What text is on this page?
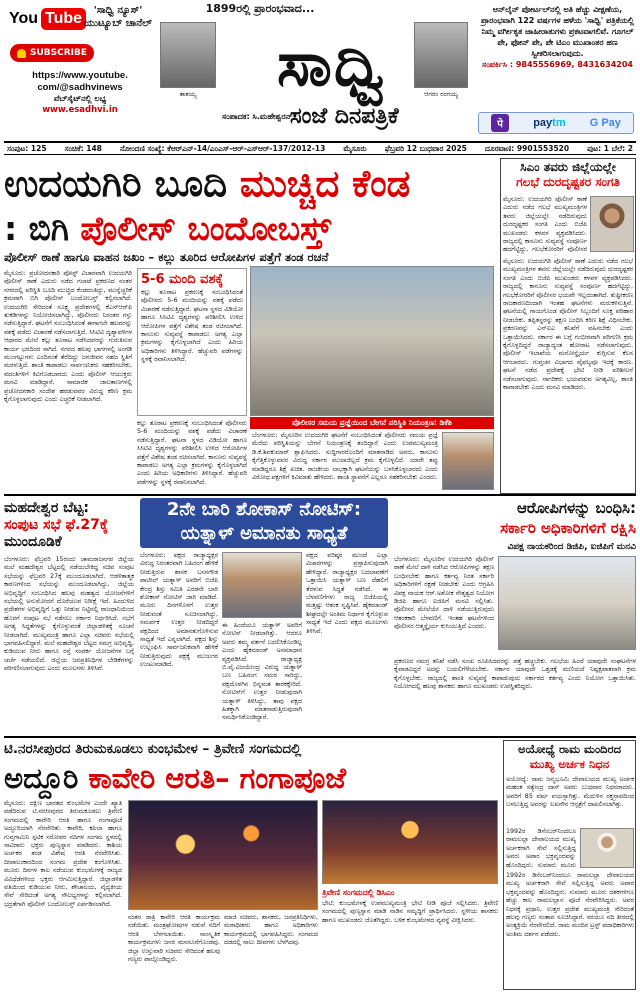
You Tube	'ಸಾಧ್ವಿ ನ್ಯೂಸ್' ಯುಟ್ಯೂಬ್ ಚಾನೆಲ್
SUBSCRIBE
https://www.youtube.
com/@sadhvinews
ವೆಬ್‌ಸೈಟ್‌ನಲ್ಲಿ ಲಭ್ಯ
www.esadhvi.in
1899ರಲ್ಲಿ ಪ್ರಾರಂಭವಾದ...
ತಾತಯ್ಯ	ಆಗರಂ ರಂಗಯ್ಯ
ಸಾಧ್ವಿ
ಸಂಪಾದಕ: ಸಿ.ಮಹೇಶ್ವರನ್
ಸಂಜೆ ದಿನಪತ್ರಿಕೆ
ಆನ್‌ಲೈನ್ ಪೋರ್ಟಲ್‌ನಲ್ಲಿ ಅತಿ ಹೆಚ್ಚು ವೀಕ್ಷಣೆಯ, ಪ್ರಾರಂಭವಾಗಿ 122 ವರ್ಷಗಳ ಹಳೆಯ 'ಸಾಧ್ವಿ' ಪತ್ರಿಕೆಯಲ್ಲಿ ನಿಮ್ಮ ವರ್ಗೀಕೃತ ಜಾಹೀರಾತುಗಳು ಪ್ರಕಟವಾಗಲಿವೆ. ಗೂಗಲ್ ಪೇ, ಫೋನ್ ಪೇ, ಪೇ ಟಿಎಂ ಮುಖಾಂತರ ಹಣ ಸ್ವೀಕರಿಸಲಾಗುವುದು.
ಸಂಪರ್ಕಿಸಿ : 9845556969, 8431634204
पे	paytm G Pay
ಸಂಪುಟ: 125 ಸಂಚಿಕೆ: 148 ನೋಂದಣಿ ಸಂಖ್ಯೆ: ಕೆಆರ್‌ಎನ್-14/ಎಂಎಸ್-ಆರ್-ಎಸ್‌ಆರ್-137/2012-13 ಮೈಸೂರು ಫೆಬ್ರವರಿ 12 ಬುಧವಾರ 2025 ದೂರವಾಣಿ: 9901553520 ಪುಟ: 1 ಬೆಲೆ: 2
ಉದಯಗಿರಿ ಬೂದಿ ಮುಚ್ಚಿದ ಕೆಂಡ
: ಬಿಗಿ ಪೊಲೀಸ್ ಬಂದೋಬಸ್ತ್
ಪೊಲೀಸ್ ಠಾಣೆ ಹಾಗೂ ವಾಹನ ಜಖಂ – ಕಲ್ಲು ತೂರಿದ ಆರೋಪಿಗಳ ಪತ್ತೆಗೆ ತಂಡ ರಚನೆ
ಮೈಸೂರು: ಪ್ರಚೋದನಕಾರಿ ಪೋಸ್ಟ್ ವಿಚಾರವಾಗಿ ಉದಯಗಿರಿ ಪೊಲೀಸ್ ಠಾಣೆ ಎದುರು ನಡೆದ ಗಲಾಟೆ ಪ್ರಕರಣದ ನಂತರ ನಗರದಲ್ಲಿ ಪರಿಸ್ಥಿತಿ ಬೂದಿ ಮುಚ್ಚಿದ ಕೆಂಡದಂತಿದ್ದು, ಮುನ್ನೆಚ್ಚರಿಕೆ ಕ್ರಮವಾಗಿ ಬಿಗಿ ಪೊಲೀಸ್ ಬಂದೋಬಸ್ತ್ ಕಲ್ಪಿಸಲಾಗಿದೆ. ಉದಯಗಿರಿ ಸೇರಿದಂತೆ ಸೂಕ್ಷ್ಮ ಪ್ರದೇಶಗಳಲ್ಲಿ ಕೆಎಸ್‌ಆರ್‌ಪಿ ತುಕಡಿಗಳನ್ನು ನಿಯೋಜಿಸಲಾಗಿದ್ದು, ಪೊಲೀಸರು ನಿರಂತರ ಗಸ್ತು ನಡೆಸುತ್ತಿದ್ದಾರೆ. ಘಟನೆಗೆ ಸಂಬಂಧಿಸಿದಂತೆ ಈಗಾಗಲೇ ಹಲವರನ್ನು ವಶಕ್ಕೆ ಪಡೆದು ವಿಚಾರಣೆ ನಡೆಸಲಾಗುತ್ತಿದೆ. ಸಿಸಿಟಿವಿ ದೃಶ್ಯಾವಳಿಗಳ ಆಧಾರದ ಮೇಲೆ ಕಲ್ಲು ತೂರಾಟ ನಡೆಸಿದವರನ್ನು ಗುರುತಿಸುವ ಕಾರ್ಯ ಭರದಿಂದ ಸಾಗಿದೆ. ನಗರದ ಹಲವು ಭಾಗಗಳಲ್ಲಿ ಅಂಗಡಿ ಮುಂಗಟ್ಟುಗಳು ಎಂದಿನಂತೆ ತೆರೆದಿದ್ದು ಜನಜೀವನ ಸಹಜ ಸ್ಥಿತಿಗೆ ಮರಳುತ್ತಿದೆ. ಶಾಂತಿ ಕಾಪಾಡಲು ಸಾರ್ವಜನಿಕರು ಸಹಕರಿಸಬೇಕು, ವದಂತಿಗಳಿಗೆ ಕಿವಿಗೊಡಬಾರದು ಎಂದು ಪೊಲೀಸ್ ಆಯುಕ್ತರು ಮನವಿ ಮಾಡಿದ್ದಾರೆ. ಸಾಮಾಜಿಕ ಜಾಲತಾಣಗಳಲ್ಲಿ ಪ್ರಚೋದನಕಾರಿ ಸಂದೇಶ ಹರಡುವವರ ವಿರುದ್ಧ ಕಠಿಣ ಕ್ರಮ ಕೈಗೊಳ್ಳಲಾಗುವುದು ಎಂದು ಎಚ್ಚರಿಕೆ ನೀಡಲಾಗಿದೆ.
5-6 ಮಂದಿ ವಶಕ್ಕೆ
ಕಲ್ಲು ತೂರಾಟ ಪ್ರಕರಣಕ್ಕೆ ಸಂಬಂಧಿಸಿದಂತೆ ಪೊಲೀಸರು 5-6 ಮಂದಿಯನ್ನು ವಶಕ್ಕೆ ಪಡೆದು ವಿಚಾರಣೆ ನಡೆಸುತ್ತಿದ್ದಾರೆ. ಘಟನಾ ಸ್ಥಳದ ವಿಡಿಯೋ ಹಾಗೂ ಸಿಸಿಟಿವಿ ದೃಶ್ಯಗಳನ್ನು ಪರಿಶೀಲಿಸಿ ಉಳಿದ ಆರೋಪಿಗಳ ಪತ್ತೆಗೆ ವಿಶೇಷ ತಂಡ ರಚಿಸಲಾಗಿದೆ. ಕಾನೂನು ಸುವ್ಯವಸ್ಥೆ ಕಾಪಾಡಲು ಅಗತ್ಯ ಎಲ್ಲಾ ಕ್ರಮಗಳನ್ನು ಕೈಗೊಳ್ಳಲಾಗಿದೆ ಎಂದು ಹಿರಿಯ ಅಧಿಕಾರಿಗಳು ತಿಳಿಸಿದ್ದಾರೆ. ಹೆಚ್ಚುವರಿ ಪಡೆಗಳನ್ನು ಸ್ಥಳಕ್ಕೆ ರವಾನಿಸಲಾಗಿದೆ.
ಪೊಲೀಸರ ಸಮಯ ಪ್ರಜ್ಞೆಯಿಂದ ಬೇಗನೆ ಪರಿಸ್ಥಿತಿ ನಿಯಂತ್ರಣ: ಡಿಕೆಶಿ
ಕಲ್ಲು ತೂರಾಟ ಪ್ರಕರಣಕ್ಕೆ ಸಂಬಂಧಿಸಿದಂತೆ ಪೊಲೀಸರು 5-6 ಮಂದಿಯನ್ನು ವಶಕ್ಕೆ ಪಡೆದು ವಿಚಾರಣೆ ನಡೆಸುತ್ತಿದ್ದಾರೆ. ಘಟನಾ ಸ್ಥಳದ ವಿಡಿಯೋ ಹಾಗೂ ಸಿಸಿಟಿವಿ ದೃಶ್ಯಗಳನ್ನು ಪರಿಶೀಲಿಸಿ ಉಳಿದ ಆರೋಪಿಗಳ ಪತ್ತೆಗೆ ವಿಶೇಷ ತಂಡ ರಚಿಸಲಾಗಿದೆ. ಕಾನೂನು ಸುವ್ಯವಸ್ಥೆ ಕಾಪಾಡಲು ಅಗತ್ಯ ಎಲ್ಲಾ ಕ್ರಮಗಳನ್ನು ಕೈಗೊಳ್ಳಲಾಗಿದೆ ಎಂದು ಹಿರಿಯ ಅಧಿಕಾರಿಗಳು ತಿಳಿಸಿದ್ದಾರೆ. ಹೆಚ್ಚುವರಿ ಪಡೆಗಳನ್ನು ಸ್ಥಳಕ್ಕೆ ರವಾನಿಸಲಾಗಿದೆ.
ಬೆಂಗಳೂರು: ಮೈಸೂರಿನ ಉದಯಗಿರಿ ಘಟನೆಗೆ ಸಂಬಂಧಿಸಿದಂತೆ ಪೊಲೀಸರು ಸಮಯ ಪ್ರಜ್ಞೆ ಮೆರೆದು ಪರಿಸ್ಥಿತಿಯನ್ನು ಬೇಗನೆ ನಿಯಂತ್ರಣಕ್ಕೆ ತಂದಿದ್ದಾರೆ ಎಂದು ಉಪಮುಖ್ಯಮಂತ್ರಿ ಡಿ.ಕೆ.ಶಿವಕುಮಾರ್ ಶ್ಲಾಘಿಸಿದರು. ಸುದ್ದಿಗಾರರೊಂದಿಗೆ ಮಾತನಾಡಿದ ಅವರು, ಕಾನೂನು ಕೈಗೆತ್ತಿಕೊಳ್ಳುವವರ ವಿರುದ್ಧ ಸರ್ಕಾರ ಮುಲಾಜಿಲ್ಲದೆ ಕ್ರಮ ಕೈಗೊಳ್ಳಲಿದೆ. ಯಾರೇ ತಪ್ಪು ಮಾಡಿದ್ದರೂ ಶಿಕ್ಷೆ ಖಚಿತ. ರಾಜಕೀಯ ಲಾಭಕ್ಕಾಗಿ ಘಟನೆಯನ್ನು ಬಳಸಿಕೊಳ್ಳಬಾರದು ಎಂದು ವಿರೋಧ ಪಕ್ಷಗಳಿಗೆ ಕಿವಿಮಾತು ಹೇಳಿದರು. ಶಾಂತಿ ಸ್ಥಾಪನೆಗೆ ಎಲ್ಲರೂ ಸಹಕರಿಸಬೇಕು ಎಂದರು.
ಸಿಎಂ ತವರು ಜಿಲ್ಲೆಯಲ್ಲೇ
ಗಲಭೆ ದುರದೃಷ್ಟಕರ ಸಂಗತಿ
ಮೈಸೂರು: ಉದಯಗಿರಿ ಪೊಲೀಸ್ ಠಾಣೆ ಎದುರು ನಡೆದ ಗಲಭೆ ಮುಖ್ಯಮಂತ್ರಿಗಳ ತವರು ಜಿಲ್ಲೆಯಲ್ಲೇ ನಡೆದಿರುವುದು ದುರದೃಷ್ಟಕರ ಸಂಗತಿ ಎಂದು ಬಿಜೆಪಿ ಮುಖಂಡರು ಕಳವಳ ವ್ಯಕ್ತಪಡಿಸಿದರು. ರಾಜ್ಯದಲ್ಲಿ ಕಾನೂನು ಸುವ್ಯವಸ್ಥೆ ಸಂಪೂರ್ಣ ಹದಗೆಟ್ಟಿದ್ದು, ಗಲಭೆಕೋರರಿಗೆ ಪೊಲೀಸರ
ಮೈಸೂರು: ಉದಯಗಿರಿ ಪೊಲೀಸ್ ಠಾಣೆ ಎದುರು ನಡೆದ ಗಲಭೆ ಮುಖ್ಯಮಂತ್ರಿಗಳ ತವರು ಜಿಲ್ಲೆಯಲ್ಲೇ ನಡೆದಿರುವುದು ದುರದೃಷ್ಟಕರ ಸಂಗತಿ ಎಂದು ಬಿಜೆಪಿ ಮುಖಂಡರು ಕಳವಳ ವ್ಯಕ್ತಪಡಿಸಿದರು. ರಾಜ್ಯದಲ್ಲಿ ಕಾನೂನು ಸುವ್ಯವಸ್ಥೆ ಸಂಪೂರ್ಣ ಹದಗೆಟ್ಟಿದ್ದು, ಗಲಭೆಕೋರರಿಗೆ ಪೊಲೀಸರ ಭಯವೇ ಇಲ್ಲದಂತಾಗಿದೆ. ತುಷ್ಟೀಕರಣ ರಾಜಕಾರಣದಿಂದಾಗಿ ಇಂತಹ ಘಟನೆಗಳು ಮರುಕಳಿಸುತ್ತಿವೆ. ಘಟನೆಯಲ್ಲಿ ಗಾಯಗೊಂಡ ಪೊಲೀಸ್ ಸಿಬ್ಬಂದಿಗೆ ಸೂಕ್ತ ಪರಿಹಾರ ನೀಡಬೇಕು. ತಪ್ಪಿತಸ್ಥರನ್ನು ತಕ್ಷಣ ಬಂಧಿಸಿ ಕಠಿಣ ಶಿಕ್ಷೆ ವಿಧಿಸಬೇಕು. ಪ್ರಕರಣವನ್ನು ಎನ್‌ಐಎ ತನಿಖೆಗೆ ವಹಿಸಬೇಕು ಎಂದು ಒತ್ತಾಯಿಸಿದರು. ಸರ್ಕಾರ ಈ ಬಗ್ಗೆ ಗಂಭೀರವಾಗಿ ಪರಿಗಣಿಸಿ ಕ್ರಮ ಕೈಗೊಳ್ಳದಿದ್ದರೆ ರಾಜ್ಯಾದ್ಯಂತ ಹೋರಾಟ ನಡೆಸಲಾಗುವುದು. ಪೊಲೀಸ್ ಇಲಾಖೆಯ ಮನೋಸ್ಥೈರ್ಯ ಕುಗ್ಗಿಸುವ ಕೆಲಸ ಆಗಬಾರದು. ಗುಪ್ತಚರ ವಿಭಾಗದ ವೈಫಲ್ಯವೂ ಇದಕ್ಕೆ ಕಾರಣ. ಘಟನೆ ನಡೆದ ಪ್ರದೇಶಕ್ಕೆ ಭೇಟಿ ನೀಡಿ ಪರಿಶೀಲನೆ ನಡೆಸಲಾಗುವುದು. ನಾಗರಿಕರು ಭಯಪಡುವ ಅಗತ್ಯವಿಲ್ಲ, ಶಾಂತಿ ಕಾಪಾಡಬೇಕು ಎಂದು ಮನವಿ ಮಾಡಿದರು.
ಮಹದೇಶ್ವರ ಬೆಟ್ಟ:
ಸಂಪುಟ ಸಭೆ ಫೆ.27ಕ್ಕೆ
ಮುಂದೂಡಿಕೆ
ಬೆಂಗಳೂರು: ಫೆಬ್ರವರಿ 15ರಂದು ಚಾಮರಾಜನಗರ ಜಿಲ್ಲೆಯ ಮಲೆ ಮಹದೇಶ್ವರ ಬೆಟ್ಟದಲ್ಲಿ ನಡೆಯಬೇಕಿದ್ದ ಸಚಿವ ಸಂಪುಟ ಸಭೆಯನ್ನು ಫೆಬ್ರವರಿ 27ಕ್ಕೆ ಮುಂದೂಡಲಾಗಿದೆ. ಆಡಳಿತಾತ್ಮಕ ಕಾರಣಗಳಿಂದ ಸಭೆಯನ್ನು ಮುಂದೂಡಲಾಗಿದ್ದು, ಜಿಲ್ಲೆಯ ಅಭಿವೃದ್ಧಿಗೆ ಸಂಬಂಧಿಸಿದ ಹಲವು ಮಹತ್ವದ ಯೋಜನೆಗಳಿಗೆ ಸಭೆಯಲ್ಲಿ ಅನುಮೋದನೆ ದೊರೆಯುವ ನಿರೀಕ್ಷೆ ಇದೆ. ಹಿಂದುಳಿದ ಪ್ರದೇಶಗಳ ಅಭಿವೃದ್ಧಿಗೆ ಒತ್ತು ನೀಡುವ ನಿಟ್ಟಿನಲ್ಲಿ ರಾಜಧಾನಿಯಿಂದ ಹೊರಗೆ ಸಂಪುಟ ಸಭೆ ನಡೆಸಲು ಸರ್ಕಾರ ನಿರ್ಧರಿಸಿದೆ. ಸಭೆಗೆ ಅಗತ್ಯ ಸಿದ್ಧತೆಗಳನ್ನು ಕೈಗೊಳ್ಳುವಂತೆ ಜಿಲ್ಲಾಡಳಿತಕ್ಕೆ ಸೂಚನೆ ನೀಡಲಾಗಿದೆ. ಮುಖ್ಯಮಂತ್ರಿ ಹಾಗೂ ಎಲ್ಲಾ ಸಚಿವರು ಸಭೆಯಲ್ಲಿ ಭಾಗವಹಿಸಲಿದ್ದಾರೆ. ಮಲೆ ಮಹದೇಶ್ವರ ಬೆಟ್ಟದ ಸಮಗ್ರ ಅಭಿವೃದ್ಧಿ, ಕುಡಿಯುವ ನೀರು ಹಾಗೂ ರಸ್ತೆ ಸಂಪರ್ಕ ಯೋಜನೆಗಳ ಬಗ್ಗೆ ಚರ್ಚೆ ನಡೆಯಲಿದೆ. ಜಿಲ್ಲೆಯ ಜನಪ್ರತಿನಿಧಿಗಳ ಬೇಡಿಕೆಗಳನ್ನು ಪರಿಗಣಿಸಲಾಗುವುದು ಎಂದು ಮೂಲಗಳು ತಿಳಿಸಿವೆ.
2ನೇ ಬಾರಿ ಶೋಕಾಸ್ ನೋಟಿಸ್:
ಯತ್ನಾಳ್ ಅಮಾನತು ಸಾಧ್ಯತೆ
ಬೆಂಗಳೂರು: ಪಕ್ಷದ ರಾಜ್ಯಾಧ್ಯಕ್ಷರ ವಿರುದ್ಧ ನಿರಂತರವಾಗಿ ಬಹಿರಂಗ ಹೇಳಿಕೆ ನೀಡುತ್ತಿರುವ ಶಾಸಕ ಬಸನಗೌಡ ಪಾಟೀಲ್ ಯತ್ನಾಳ್ ಅವರಿಗೆ ಬಿಜೆಪಿ ಕೇಂದ್ರ ಶಿಸ್ತು ಸಮಿತಿ ಎರಡನೇ ಬಾರಿ ಶೋಕಾಸ್ ನೋಟಿಸ್ ಜಾರಿ ಮಾಡಿದೆ. ಮೂರು ದಿನಗಳೊಳಗೆ ಉತ್ತರ ನೀಡುವಂತೆ ಸೂಚಿಸಲಾಗಿದ್ದು, ಸಮರ್ಪಕ ಉತ್ತರ ನೀಡದಿದ್ದರೆ ಪಕ್ಷದಿಂದ ಅಮಾನತುಗೊಳಿಸುವ ಸಾಧ್ಯತೆ ಇದೆ ಎನ್ನಲಾಗಿದೆ. ಪಕ್ಷದ ಶಿಸ್ತು ಉಲ್ಲಂಘಿಸಿ ಸಾರ್ವಜನಿಕವಾಗಿ ಹೇಳಿಕೆ ನೀಡುತ್ತಿರುವುದು ಪಕ್ಷಕ್ಕೆ ಮುಜುಗರ ಉಂಟುಮಾಡಿದೆ.
ಈ ಹಿಂದೆಯೂ ಯತ್ನಾಳ್ ಅವರಿಗೆ ನೋಟಿಸ್ ನೀಡಲಾಗಿತ್ತು. ಆದರೂ ಅವರು ತಮ್ಮ ವರ್ತನೆ ಬದಲಿಸಿಕೊಂಡಿಲ್ಲ ಎಂದು ಹೈಕಮಾಂಡ್ ಅಸಮಾಧಾನ ವ್ಯಕ್ತಪಡಿಸಿದೆ. ರಾಜ್ಯಾಧ್ಯಕ್ಷ ಬಿ.ವೈ.ವಿಜಯೇಂದ್ರ ವಿರುದ್ಧ ಯತ್ನಾಳ್ ಬಣ ಬಹಿರಂಗ ಸಮರ ಸಾರಿದ್ದು, ಪಕ್ಷದೊಳಗಿನ ಭಿನ್ನಮತ ತಾರಕಕ್ಕೇರಿದೆ. ನೋಟಿಸ್‌ಗೆ ಉತ್ತರ ನೀಡುವುದಾಗಿ ಯತ್ನಾಳ್ ತಿಳಿಸಿದ್ದು, ತಾವು ಪಕ್ಷದ ಹಿತಕ್ಕಾಗಿ ಮಾತನಾಡುತ್ತಿರುವುದಾಗಿ ಸಮರ್ಥಿಸಿಕೊಂಡಿದ್ದಾರೆ.
ಪಕ್ಷದ ವರಿಷ್ಠರ ಮುಂದೆ ಎಲ್ಲಾ ವಿಚಾರಗಳನ್ನು ಪ್ರಸ್ತಾಪಿಸುವುದಾಗಿ ಹೇಳಿದ್ದಾರೆ. ರಾಜ್ಯಾಧ್ಯಕ್ಷರ ಬದಲಾವಣೆಗೆ ಒತ್ತಾಯಿಸಿ ಯತ್ನಾಳ್ ಬಣ ದೆಹಲಿಗೆ ತೆರಳುವ ಸಿದ್ಧತೆ ನಡೆಸಿದೆ. ಈ ಬೆಳವಣಿಗೆಗಳು ರಾಜ್ಯ ಬಿಜೆಪಿಯಲ್ಲಿ ಮತ್ತಷ್ಟು ಆತಂಕ ಸೃಷ್ಟಿಸಿವೆ. ಹೈಕಮಾಂಡ್ ಶೀಘ್ರದಲ್ಲೇ ಅಂತಿಮ ನಿರ್ಧಾರ ಕೈಗೊಳ್ಳುವ ಸಾಧ್ಯತೆ ಇದೆ ಎಂದು ಪಕ್ಷದ ಮೂಲಗಳು ತಿಳಿಸಿವೆ.
ಆರೋಪಿಗಳನ್ನು ಬಂಧಿಸಿ:
ಸರ್ಕಾರಿ ಅಧಿಕಾರಿಗಳಿಗೆ ರಕ್ಷಿಸಿ
ವಿಪಕ್ಷ ನಾಯಕರಿಂದ ಡಿಜಿಪಿ, ಐಜಿಪಿಗೆ ಮನವಿ
ಬೆಂಗಳೂರು: ಮೈಸೂರಿನ ಉದಯಗಿರಿ ಪೊಲೀಸ್ ಠಾಣೆ ಮೇಲೆ ದಾಳಿ ನಡೆಸಿದ ಆರೋಪಿಗಳನ್ನು ತಕ್ಷಣ ಬಂಧಿಸಬೇಕು ಹಾಗೂ ಕರ್ತವ್ಯ ನಿರತ ಸರ್ಕಾರಿ ಅಧಿಕಾರಿಗಳಿಗೆ ರಕ್ಷಣೆ ನೀಡಬೇಕು ಎಂದು ಆಗ್ರಹಿಸಿ ವಿಪಕ್ಷ ನಾಯಕ ಆರ್.ಅಶೋಕ ನೇತೃತ್ವದ ನಿಯೋಗ ಡಿಜಿಪಿ ಹಾಗೂ ಐಜಿಪಿಗೆ ಮನವಿ ಸಲ್ಲಿಸಿತು. ಪೊಲೀಸರ ಮೇಲೆಯೇ ದಾಳಿ ನಡೆಯುತ್ತಿರುವುದು ಆತಂಕಕಾರಿ ಬೆಳವಣಿಗೆ. ಇಂತಹ ಘಟನೆಗಳಿಂದ ಪೊಲೀಸರ ಆತ್ಮಸ್ಥೈರ್ಯ ಕುಸಿಯುತ್ತಿದೆ ಎಂದರು.
ಪ್ರಕರಣದ ಸಮಗ್ರ ತನಿಖೆ ನಡೆಸಿ ಸಂಚು ರೂಪಿಸಿದವರನ್ನು ಪತ್ತೆ ಹಚ್ಚಬೇಕು. ಗಲಭೆಯ ಹಿಂದೆ ಯಾವುದೇ ಸಂಘಟನೆಗಳ ಕೈವಾಡವಿದ್ದರೆ ಅದನ್ನು ಬಯಲಿಗೆಳೆಯಬೇಕು. ಸರ್ಕಾರ ಯಾವುದೇ ಒತ್ತಡಕ್ಕೆ ಮಣಿಯದೆ ನಿಷ್ಪಕ್ಷಪಾತವಾಗಿ ಕ್ರಮ ಕೈಗೊಳ್ಳಬೇಕು. ರಾಜ್ಯದಲ್ಲಿ ಶಾಂತಿ ಸುವ್ಯವಸ್ಥೆ ಕಾಪಾಡುವುದು ಸರ್ಕಾರದ ಕರ್ತವ್ಯ ಎಂದು ನಿಯೋಗ ಒತ್ತಾಯಿಸಿತು. ನಿಯೋಗದಲ್ಲಿ ಹಲವು ಶಾಸಕರು ಹಾಗೂ ಮುಖಂಡರು ಉಪಸ್ಥಿತರಿದ್ದರು.
ಟಿ.ನರಸೀಪುರದ ತಿರುಮಕೂಡಲು ಕುಂಭಮೇಳ – ತ್ರಿವೇಣಿ ಸಂಗಮದಲ್ಲಿ
ಅದ್ದೂರಿ ಕಾವೇರಿ ಆರತಿ– ಗಂಗಾಪೂಜೆ
ಮೈಸೂರು: ದಕ್ಷಿಣ ಭಾರತದ ಕುಂಭಮೇಳ ಎಂದೇ ಖ್ಯಾತಿ ಪಡೆದಿರುವ ಟಿ.ನರಸೀಪುರದ ತಿರುಮಕೂಡಲು ತ್ರಿವೇಣಿ ಸಂಗಮದಲ್ಲಿ ಕಾವೇರಿ ಆರತಿ ಹಾಗೂ ಗಂಗಾಪೂಜೆ ಅದ್ದೂರಿಯಾಗಿ ನೆರವೇರಿತು. ಕಾವೇರಿ, ಕಪಿಲಾ ಹಾಗೂ ಗುಪ್ತಗಾಮಿನಿ ಸ್ಫಟಿಕ ಸರೋವರ ನದಿಗಳ ಸಂಗಮ ಸ್ಥಳದಲ್ಲಿ ಸಾವಿರಾರು ಭಕ್ತರು ಪುಣ್ಯಸ್ನಾನ ಮಾಡಿದರು. ಕಾಶಿಯ ಅರ್ಚಕರ ತಂಡ ವಿಶೇಷ ಆರತಿ ನೆರವೇರಿಸಿತು. ದೀಪಾಲಂಕಾರದಿಂದ ಸಂಗಮ ಪ್ರದೇಶ ಕಂಗೊಳಿಸಿತು. ಮೂರು ದಿನಗಳ ಕಾಲ ನಡೆಯುವ ಕುಂಭಮೇಳಕ್ಕೆ ರಾಜ್ಯದ ವಿವಿಧೆಡೆಗಳಿಂದ ಭಕ್ತರು ಆಗಮಿಸುತ್ತಿದ್ದಾರೆ. ಜಿಲ್ಲಾಡಳಿತ ವತಿಯಿಂದ ಕುಡಿಯುವ ನೀರು, ಶೌಚಾಲಯ, ವೈದ್ಯಕೀಯ ಸೇವೆ ಸೇರಿದಂತೆ ಅಗತ್ಯ ಸೌಲಭ್ಯಗಳನ್ನು ಕಲ್ಪಿಸಲಾಗಿದೆ. ಭದ್ರತೆಗಾಗಿ ಪೊಲೀಸ್ ಬಂದೋಬಸ್ತ್ ಏರ್ಪಡಿಸಲಾಗಿದೆ.
ನಂತರ ರಾತ್ರಿ ಕಾವೇರಿ ಆರತಿ ಕಾರ್ಯಕ್ರಮ ನಡೆಯಿತು. ಮಂತ್ರಘೋಷಗಳ ನಡುವೆ ನದಿಗೆ ಆರತಿ ಬೆಳಗಲಾಯಿತು. ಸಾಂಸ್ಕೃತಿಕ ಕಾರ್ಯಕ್ರಮಗಳು ಜನರ ಮನಸೂರೆಗೊಂಡವು. ಜಿಲ್ಲಾ ಉಸ್ತುವಾರಿ ಸಚಿವರು ಸೇರಿದಂತೆ ಹಲವು ಗಣ್ಯರು ಪಾಲ್ಗೊಂಡಿದ್ದರು.
ಮಾಜಿ ಸಚಿವರು, ಶಾಸಕರು, ಜನಪ್ರತಿನಿಧಿಗಳು, ಮಠಾಧೀಶರು ಹಾಗೂ ಅಧಿಕಾರಿಗಳು ಕಾರ್ಯಕ್ರಮದಲ್ಲಿ ಭಾಗವಹಿಸಿದ್ದರು. ಸಂಗಮದ ದಡದಲ್ಲಿ ಸಾಲು ದೀಪಗಳು ಬೆಳಗಿದವು.
ತ್ರಿವೇಣಿ ಸಂಗಮದಲ್ಲಿ ಡಿಸಿಎಂ
ಭೇಟಿ: ಕುಂಭಮೇಳಕ್ಕೆ ಉಪಮುಖ್ಯಮಂತ್ರಿ ಭೇಟಿ ನೀಡಿ ಪೂಜೆ ಸಲ್ಲಿಸಿದರು. ತ್ರಿವೇಣಿ ಸಂಗಮದಲ್ಲಿ ಪುಣ್ಯಸ್ನಾನ ಮಾಡಿ ನಾಡಿನ ಸಮೃದ್ಧಿಗೆ ಪ್ರಾರ್ಥಿಸಿದರು. ಸ್ಥಳೀಯ ಶಾಸಕರು ಹಾಗೂ ಮುಖಂಡರು ಜೊತೆಗಿದ್ದರು. ಬಳಿಕ ಕುಂಭಮೇಳದ ವ್ಯವಸ್ಥೆ ವೀಕ್ಷಿಸಿದರು.
ಅಯೋಧ್ಯೆ ರಾಮ ಮಂದಿರದ
ಮುಖ್ಯ ಅರ್ಚಕ ನಿಧನ
ಅಯೋಧ್ಯೆ: ರಾಮ ಜನ್ಮಭೂಮಿ ದೇವಾಲಯದ ಮುಖ್ಯ ಅರ್ಚಕ ಮಹಂತ ಸತ್ಯೇಂದ್ರ ದಾಸ್ ಅವರು ಬುಧವಾರ ನಿಧನರಾದರು. ಅವರಿಗೆ 85 ವರ್ಷ ವಯಸ್ಸಾಗಿತ್ತು. ಮೆದುಳಿನ ರಕ್ತಸ್ರಾವದಿಂದ ಬಳಲುತ್ತಿದ್ದ ಅವರನ್ನು ಲಖನೌನ ಆಸ್ಪತ್ರೆಗೆ ದಾಖಲಿಸಲಾಗಿತ್ತು.
1992ರ ಡಿಸೆಂಬರ್‌ನಿಂದಲೂ ರಾಮಲಲ್ಲಾ ದೇವಾಲಯದ ಮುಖ್ಯ ಅರ್ಚಕರಾಗಿ ಸೇವೆ ಸಲ್ಲಿಸುತ್ತಿದ್ದ ಅವರು ಅಪಾರ ಭಕ್ತವೃಂದವನ್ನು ಹೊಂದಿದ್ದರು. ಸುಮಾರು ಮೂರು
1992ರ ಡಿಸೆಂಬರ್‌ನಿಂದಲೂ ರಾಮಲಲ್ಲಾ ದೇವಾಲಯದ ಮುಖ್ಯ ಅರ್ಚಕರಾಗಿ ಸೇವೆ ಸಲ್ಲಿಸುತ್ತಿದ್ದ ಅವರು ಅಪಾರ ಭಕ್ತವೃಂದವನ್ನು ಹೊಂದಿದ್ದರು. ಸುಮಾರು ಮೂರು ದಶಕಗಳಿಗೂ ಹೆಚ್ಚು ಕಾಲ ರಾಮಲಲ್ಲಾನ ಪೂಜೆ ನೆರವೇರಿಸಿದ್ದರು. ಅವರ ನಿಧನಕ್ಕೆ ಪ್ರಧಾನಿ, ಉತ್ತರ ಪ್ರದೇಶ ಮುಖ್ಯಮಂತ್ರಿ ಸೇರಿದಂತೆ ಹಲವು ಗಣ್ಯರು ಸಂತಾಪ ಸೂಚಿಸಿದ್ದಾರೆ. ಸರಯೂ ನದಿ ತೀರದಲ್ಲಿ ಅಂತ್ಯಕ್ರಿಯೆ ನೆರವೇರಲಿದೆ. ರಾಮ ಮಂದಿರ ಟ್ರಸ್ಟ್ ಪದಾಧಿಕಾರಿಗಳು ಅಂತಿಮ ದರ್ಶನ ಪಡೆದರು.
